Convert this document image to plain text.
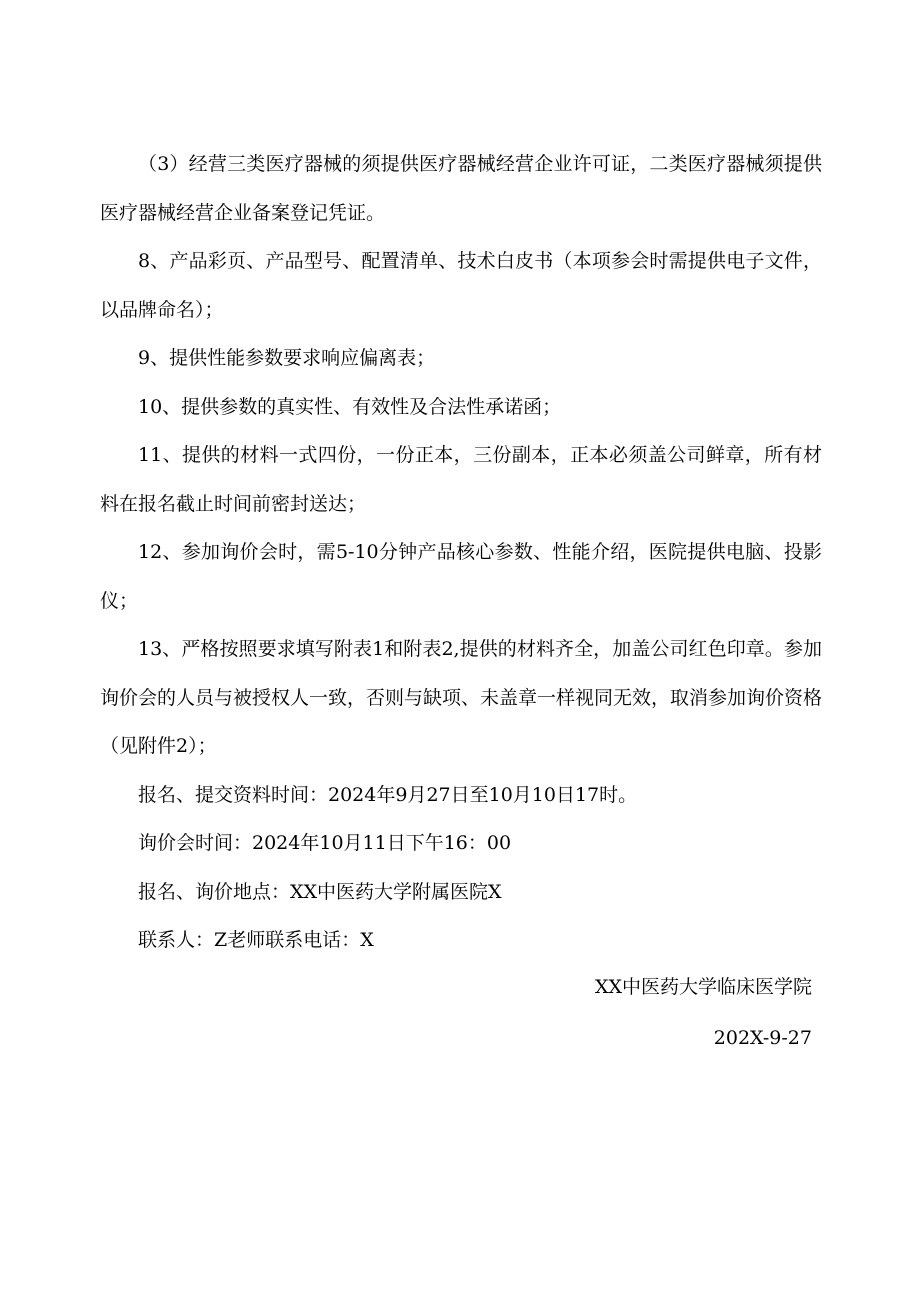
（3）经营三类医疗器械的须提供医疗器械经营企业许可证，二类医疗器械须提供医疗器械经营企业备案登记凭证。

8、产品彩页、产品型号、配置清单、技术白皮书（本项参会时需提供电子文件，以品牌命名）；

9、提供性能参数要求响应偏离表；

10、提供参数的真实性、有效性及合法性承诺函；

11、提供的材料一式四份，一份正本，三份副本，正本必须盖公司鲜章，所有材料在报名截止时间前密封送达；

12、参加询价会时，需5-10分钟产品核心参数、性能介绍，医院提供电脑、投影仪；

13、严格按照要求填写附表1和附表2,提供的材料齐全，加盖公司红色印章。参加询价会的人员与被授权人一致，否则与缺项、未盖章一样视同无效，取消参加询价资格（见附件2）；

报名、提交资料时间：2024年9月27日至10月10日17时。

询价会时间：2024年10月11日下午16：00

报名、询价地点：XX中医药大学附属医院X

联系人：Z老师联系电话：X

XX中医药大学临床医学院
202X-9-27
